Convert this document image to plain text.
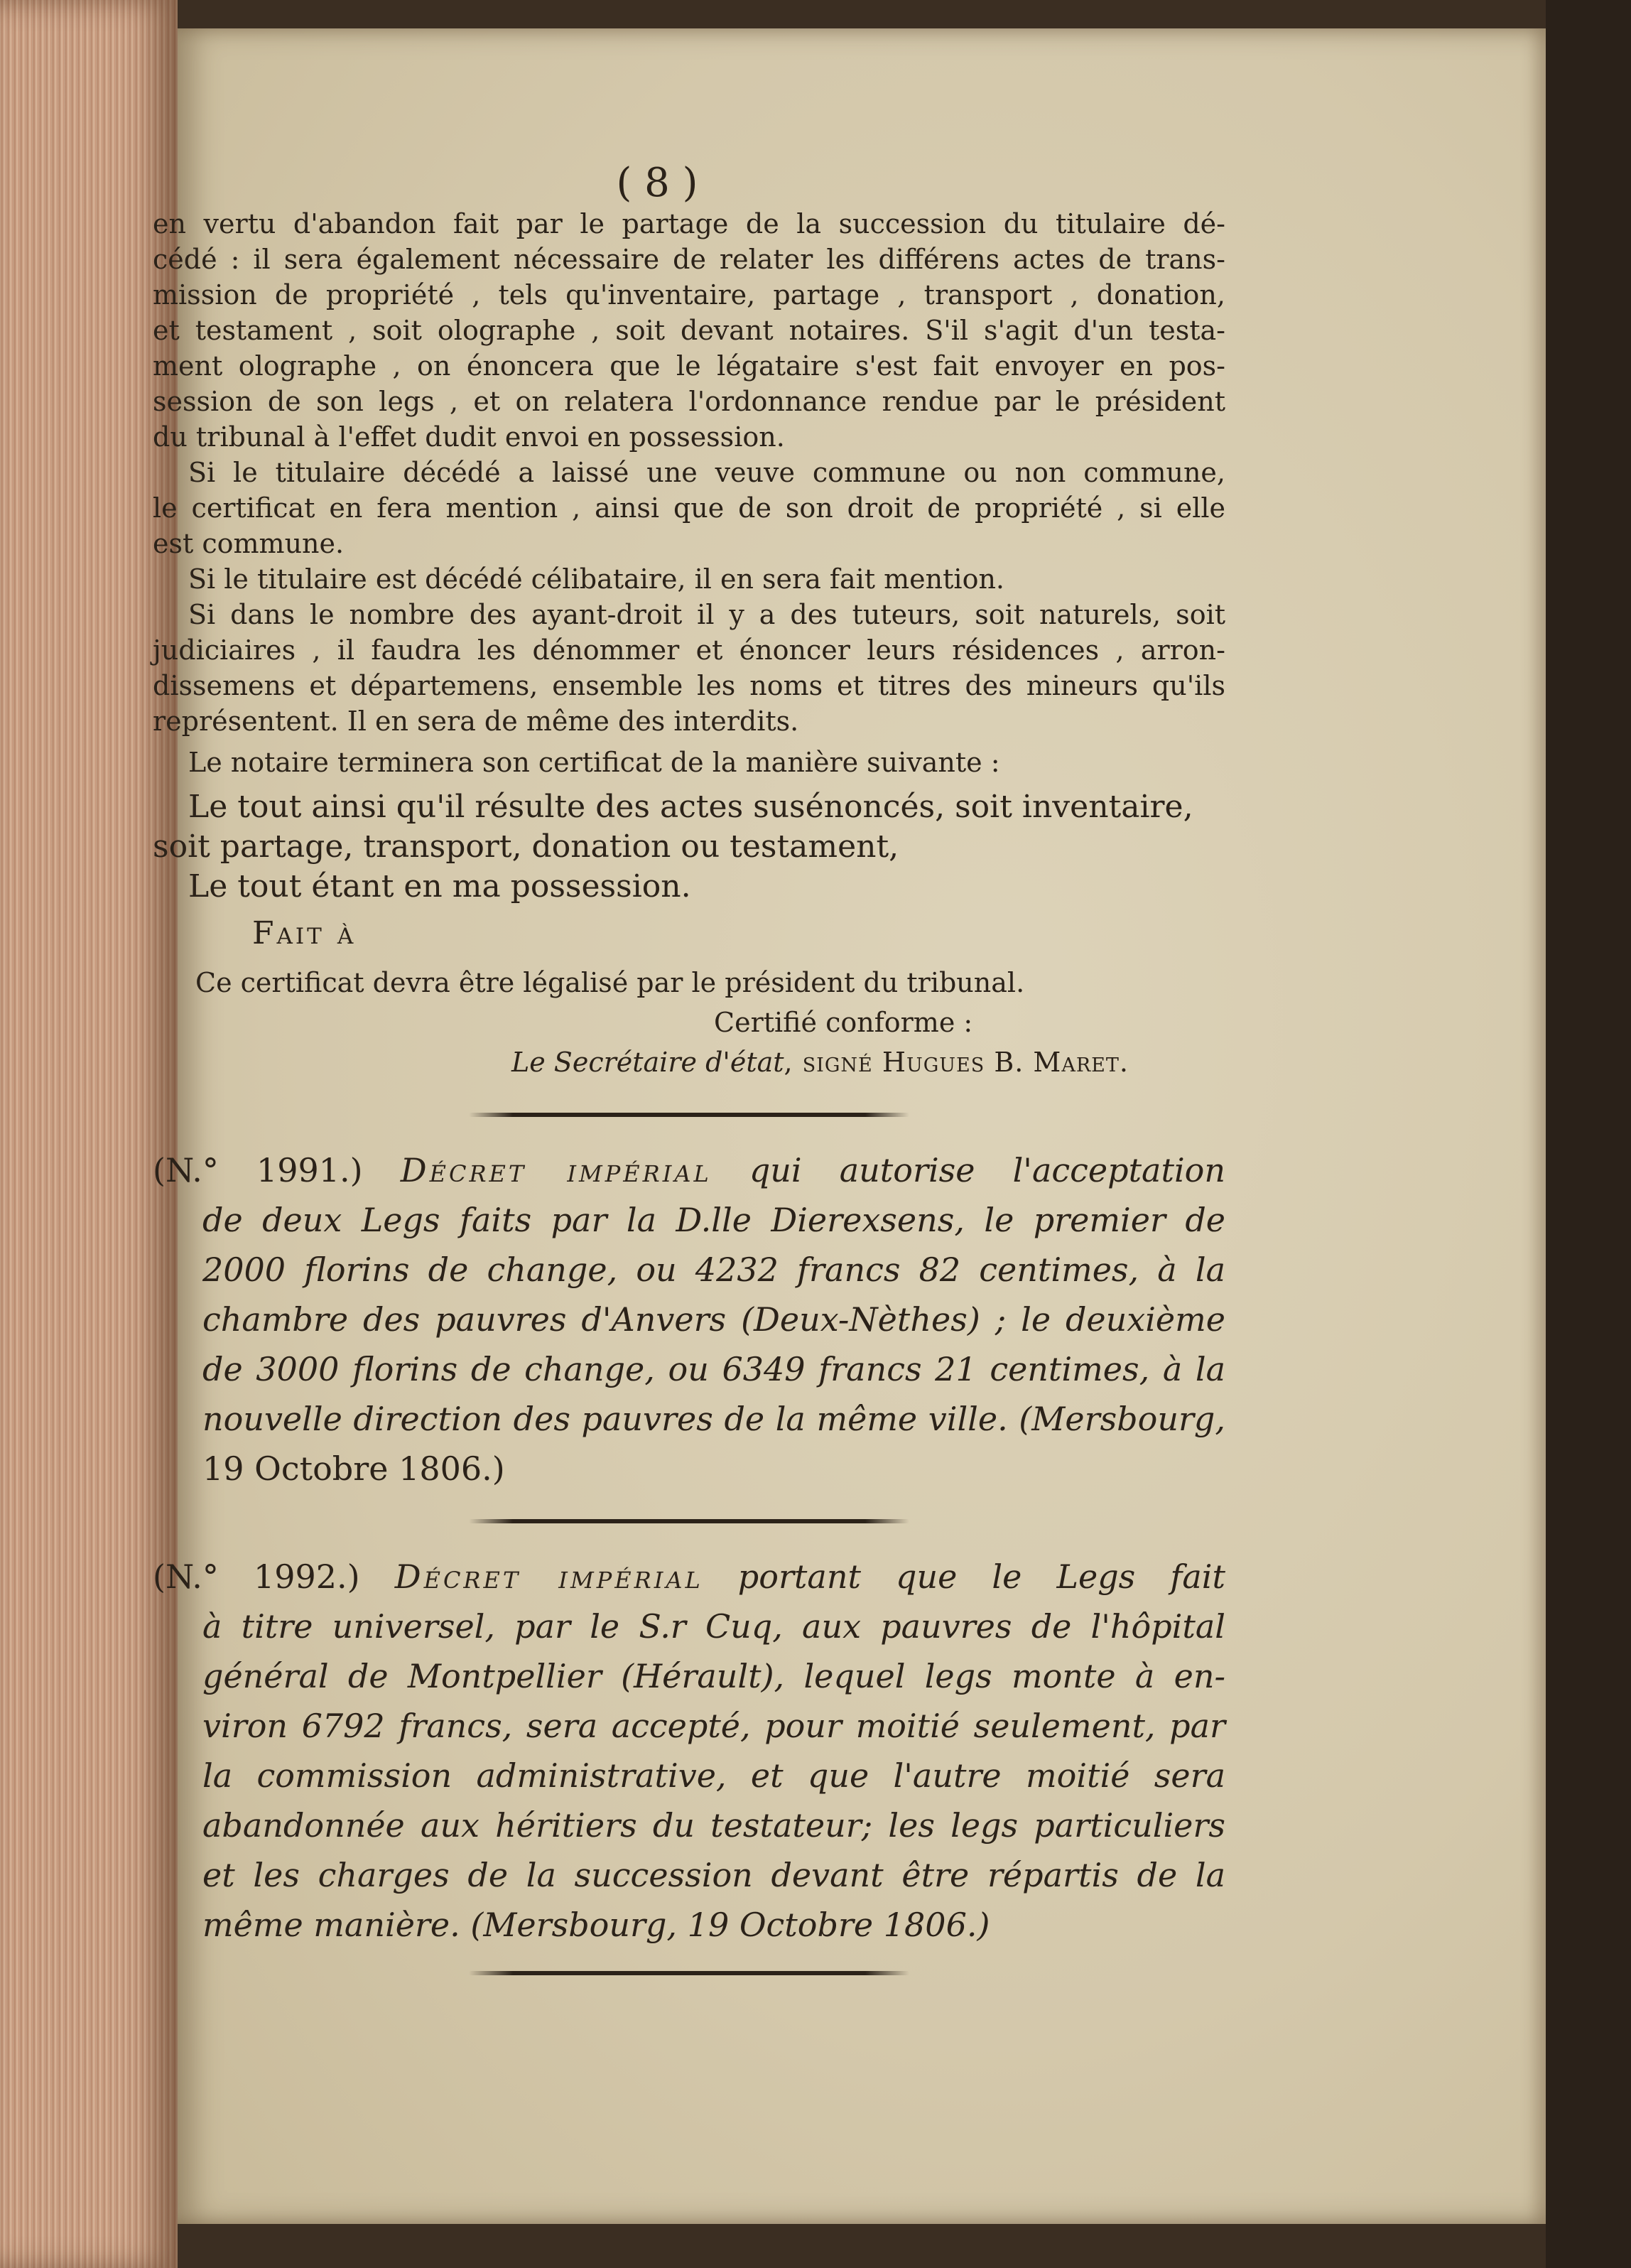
( 8 )
en vertu d'abandon fait par le partage de la succession du titulaire dé-
cédé : il sera également nécessaire de relater les différens actes de trans-
mission de propriété , tels qu'inventaire, partage , transport , donation,
et testament , soit olographe , soit devant notaires. S'il s'agit d'un testa-
ment olographe , on énoncera que le légataire s'est fait envoyer en pos-
session de son legs , et on relatera l'ordonnance rendue par le président
du tribunal à l'effet dudit envoi en possession.
Si le titulaire décédé a laissé une veuve commune ou non commune,
le certificat en fera mention , ainsi que de son droit de propriété , si elle
est commune.
Si le titulaire est décédé célibataire, il en sera fait mention.
Si dans le nombre des ayant-droit il y a des tuteurs, soit naturels, soit
judiciaires , il faudra les dénommer et énoncer leurs résidences , arron-
dissemens et départemens, ensemble les noms et titres des mineurs qu'ils
représentent. Il en sera de même des interdits.
Le notaire terminera son certificat de la manière suivante :
Le tout ainsi qu'il résulte des actes susénoncés, soit inventaire,
soit partage, transport, donation ou testament,
Le tout étant en ma possession.
Fait à
Ce certificat devra être légalisé par le président du tribunal.
Certifié conforme :
Le Secrétaire d'état, signé Hugues B. Maret.
(N.° 1991.) Décret impérial qui autorise l'acceptation
de deux Legs faits par la D.lle Dierexsens, le premier de
2000 florins de change, ou 4232 francs 82 centimes, à la
chambre des pauvres d'Anvers (Deux-Nèthes) ; le deuxième
de 3000 florins de change, ou 6349 francs 21 centimes, à la
nouvelle direction des pauvres de la même ville. (Mersbourg,
19 Octobre 1806.)
(N.° 1992.) Décret impérial portant que le Legs fait
à titre universel, par le S.r Cuq, aux pauvres de l'hôpital
général de Montpellier (Hérault), lequel legs monte à en-
viron 6792 francs, sera accepté, pour moitié seulement, par
la commission administrative, et que l'autre moitié sera
abandonnée aux héritiers du testateur; les legs particuliers
et les charges de la succession devant être répartis de la
même manière. (Mersbourg, 19 Octobre 1806.)
